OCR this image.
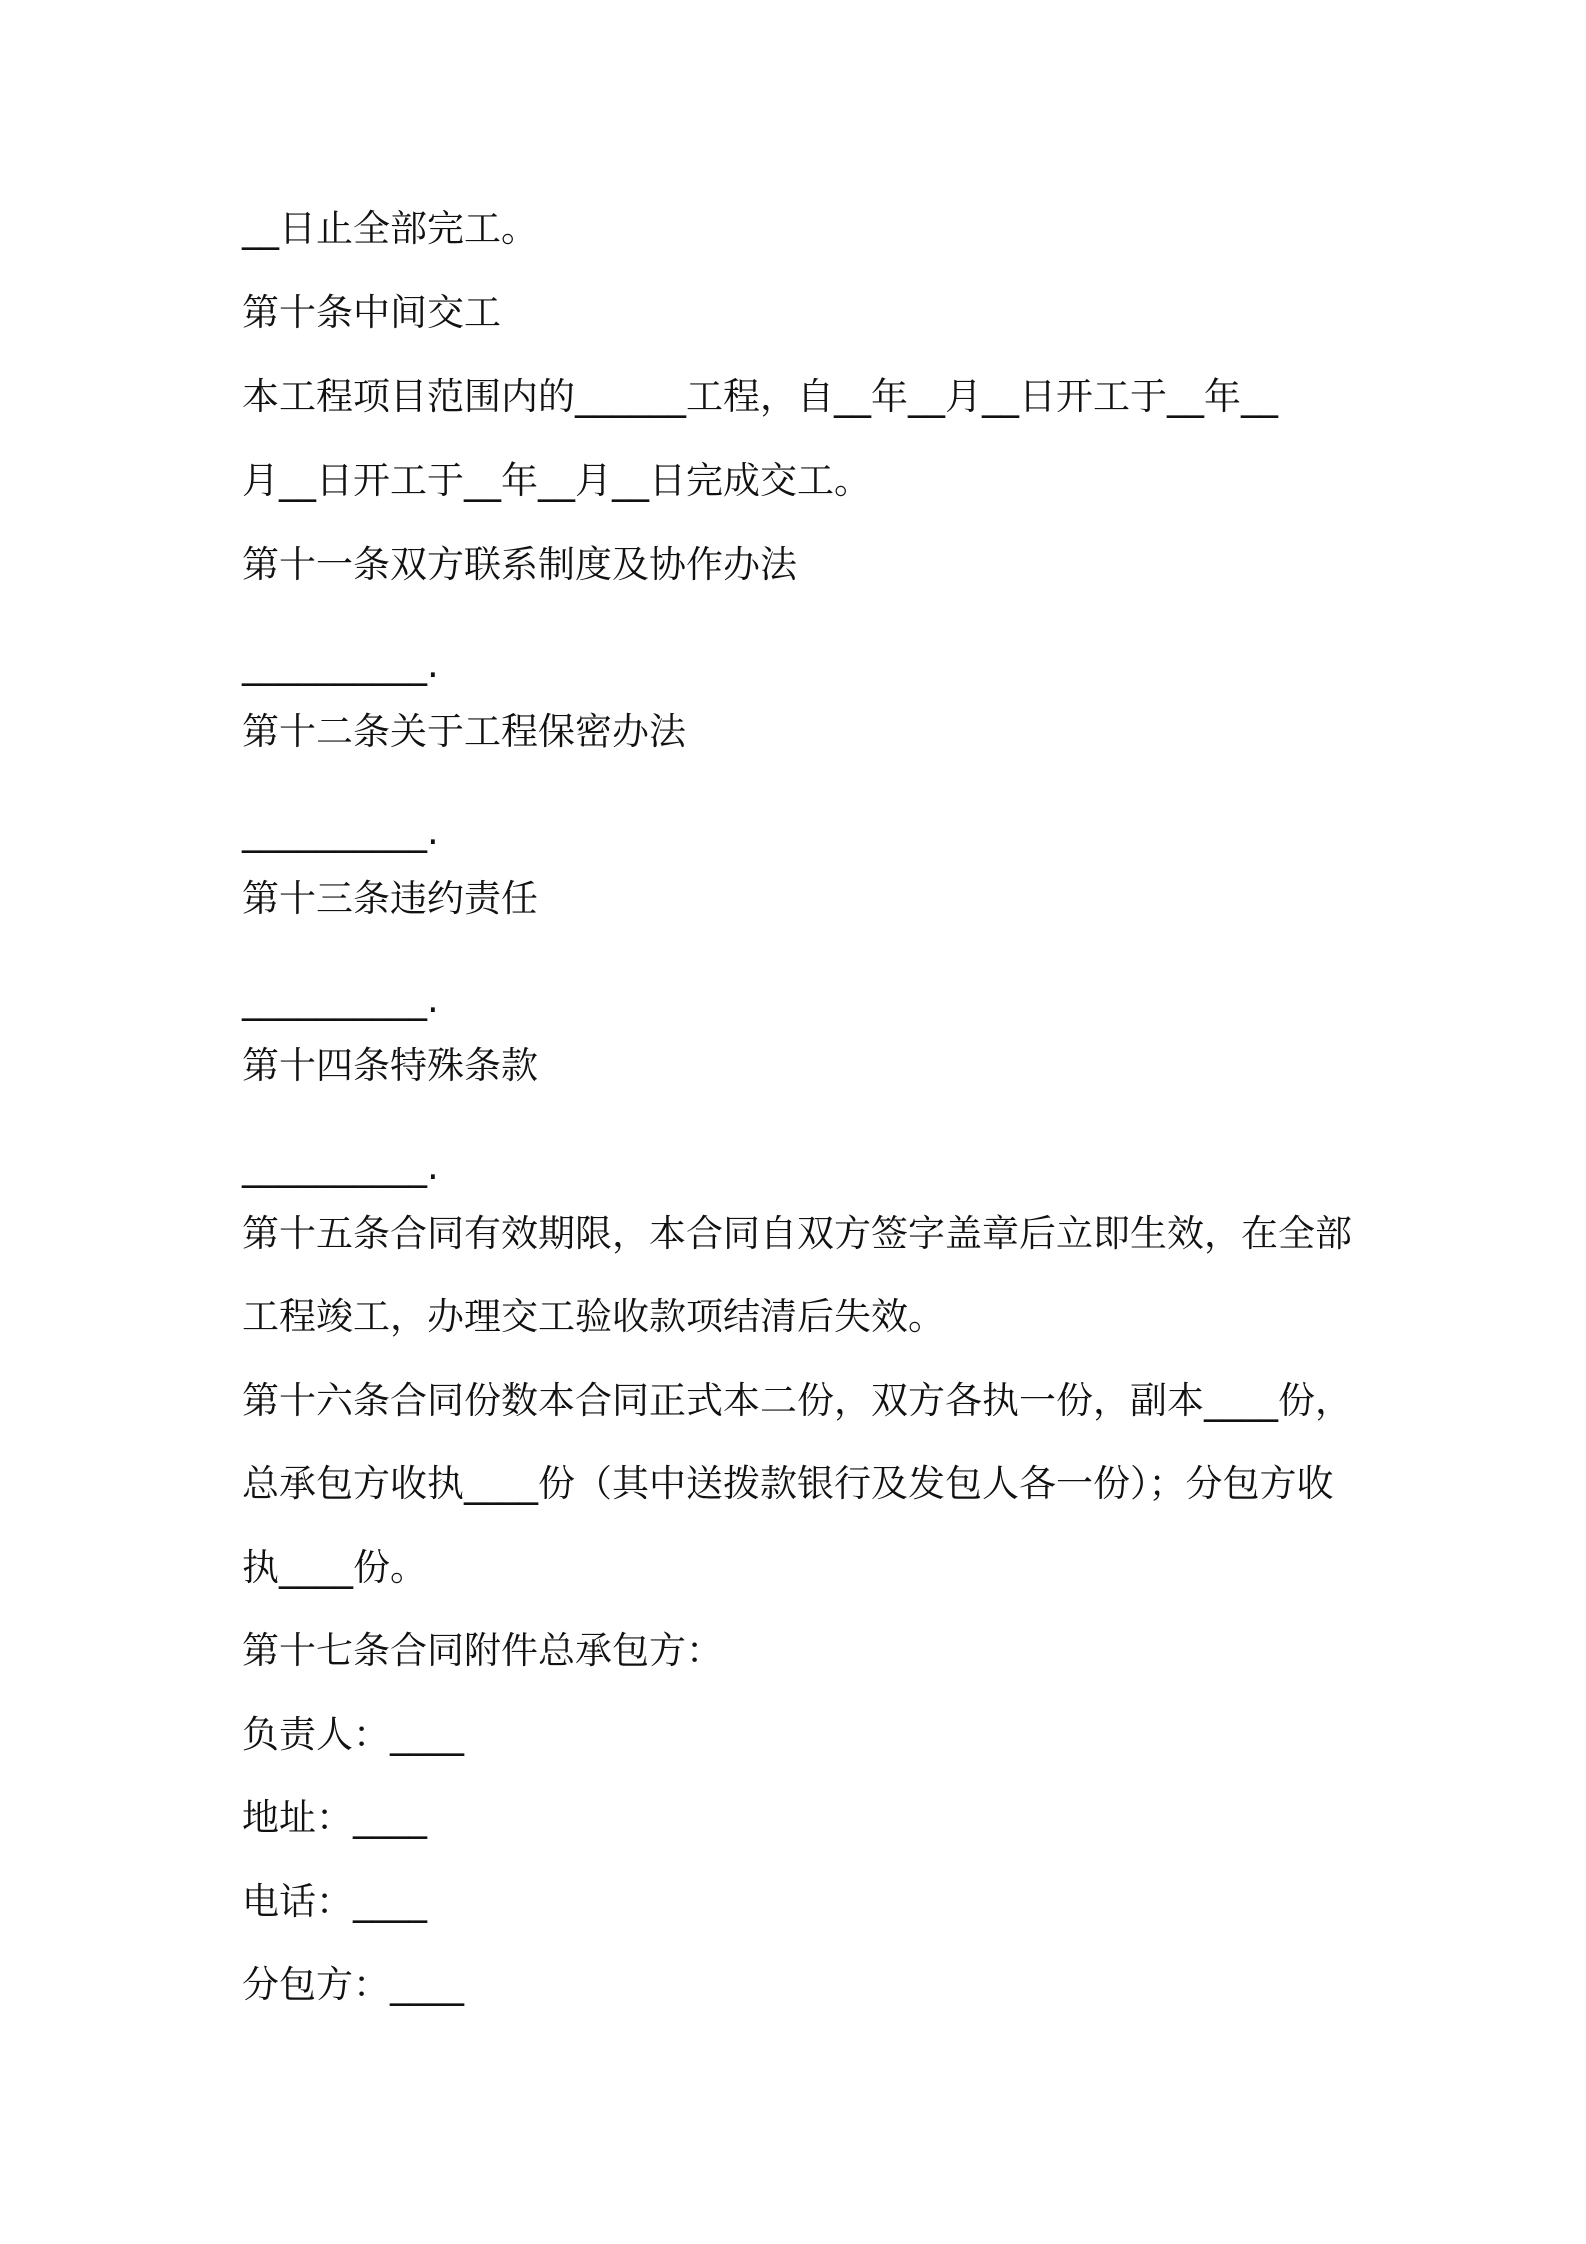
__日止全部完工。
第十条中间交工
本工程项目范围内的______工程，自__年__月__日开工于__年__
月__日开工于__年__月__日完成交工。
第十一条双方联系制度及协作办法
__________.
第十二条关于工程保密办法
__________.
第十三条违约责任
__________.
第十四条特殊条款
__________.
第十五条合同有效期限，本合同自双方签字盖章后立即生效，在全部
工程竣工，办理交工验收款项结清后失效。
第十六条合同份数本合同正式本二份，双方各执一份，副本____份，
总承包方收执____份（其中送拨款银行及发包人各一份）；分包方收
执____份。
第十七条合同附件总承包方：
负责人：____
地址：____
电话：____
分包方：____
